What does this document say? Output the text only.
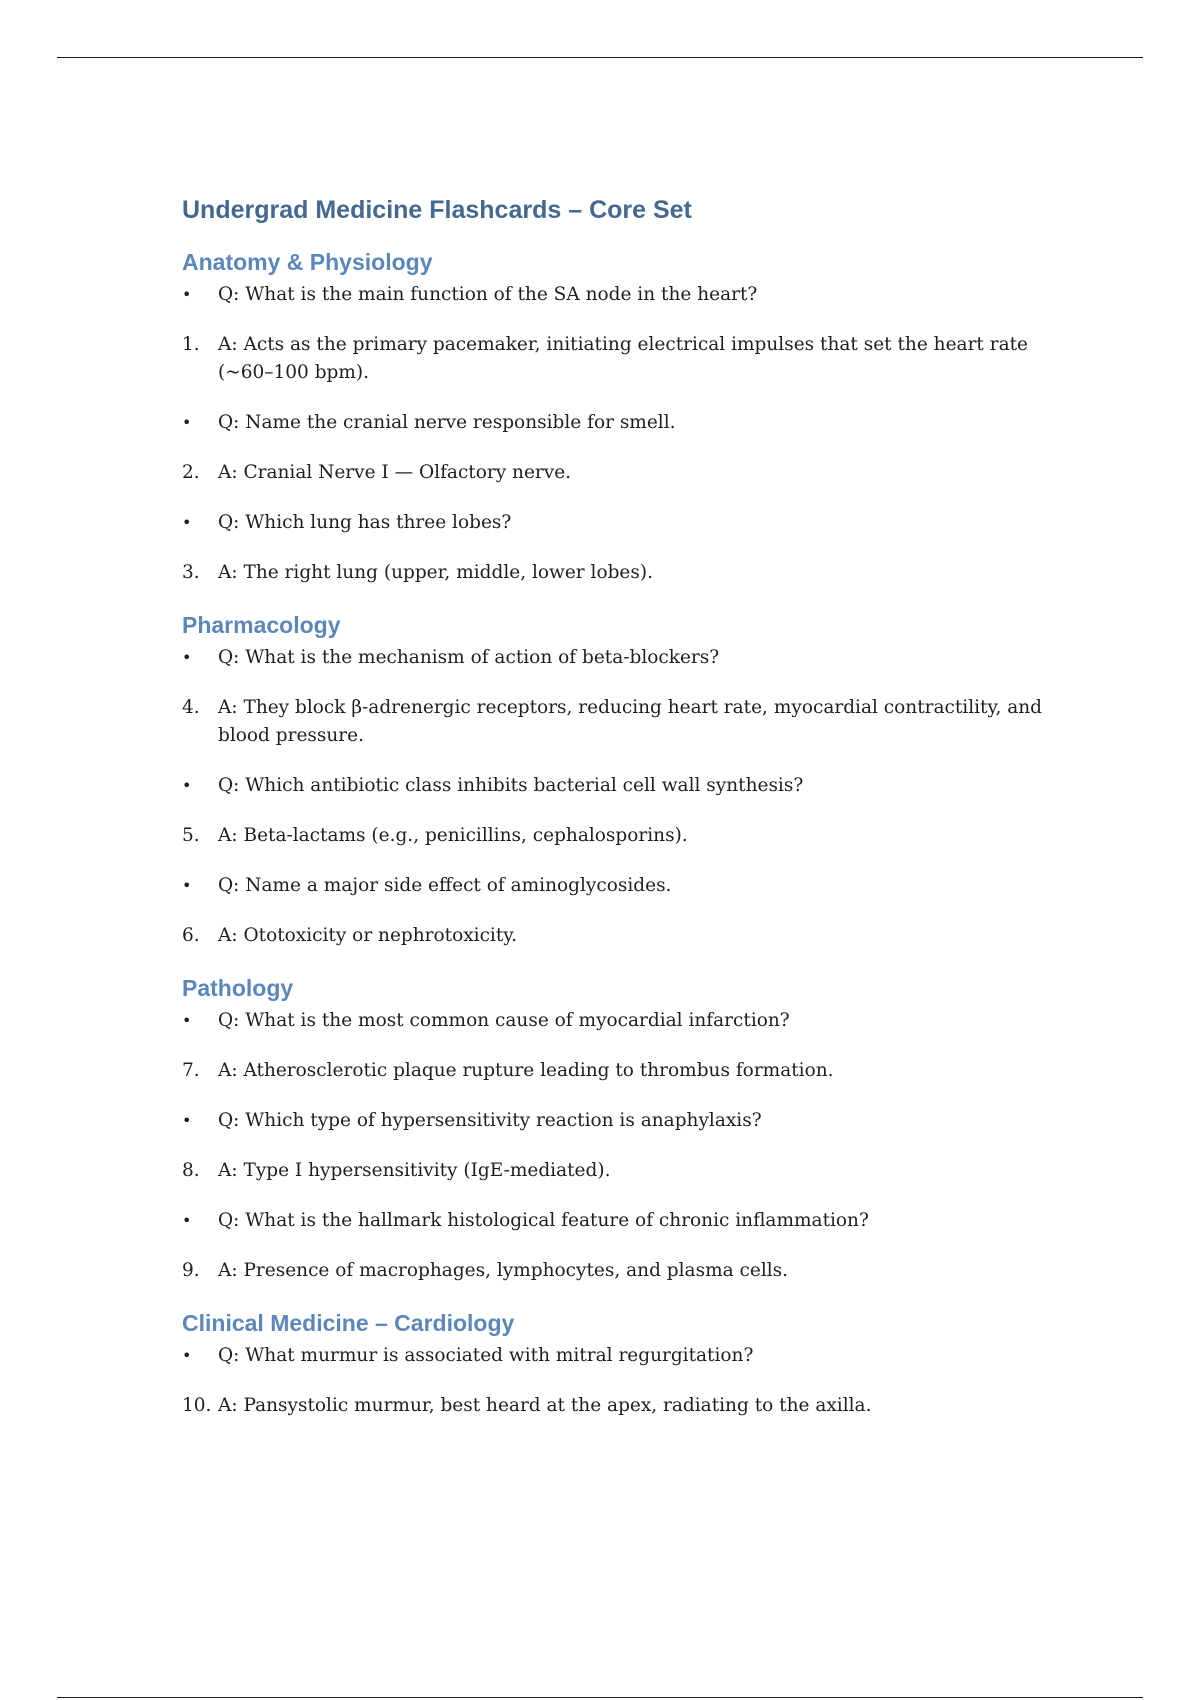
Undergrad Medicine Flashcards – Core Set
Anatomy & Physiology
•	Q: What is the main function of the SA node in the heart?
1. A: Acts as the primary pacemaker, initiating electrical impulses that set the heart rate (~60–100 bpm).
•	Q: Name the cranial nerve responsible for smell.
2. A: Cranial Nerve I — Olfactory nerve.
•	Q: Which lung has three lobes?
3. A: The right lung (upper, middle, lower lobes).
Pharmacology
•	Q: What is the mechanism of action of beta-blockers?
4. A: They block β-adrenergic receptors, reducing heart rate, myocardial contractility, and blood pressure.
•	Q: Which antibiotic class inhibits bacterial cell wall synthesis?
5. A: Beta-lactams (e.g., penicillins, cephalosporins).
•	Q: Name a major side effect of aminoglycosides.
6. A: Ototoxicity or nephrotoxicity.
Pathology
•	Q: What is the most common cause of myocardial infarction?
7. A: Atherosclerotic plaque rupture leading to thrombus formation.
•	Q: Which type of hypersensitivity reaction is anaphylaxis?
8. A: Type I hypersensitivity (IgE-mediated).
•	Q: What is the hallmark histological feature of chronic inflammation?
9. A: Presence of macrophages, lymphocytes, and plasma cells.
Clinical Medicine – Cardiology
•	Q: What murmur is associated with mitral regurgitation?
10. A: Pansystolic murmur, best heard at the apex, radiating to the axilla.
